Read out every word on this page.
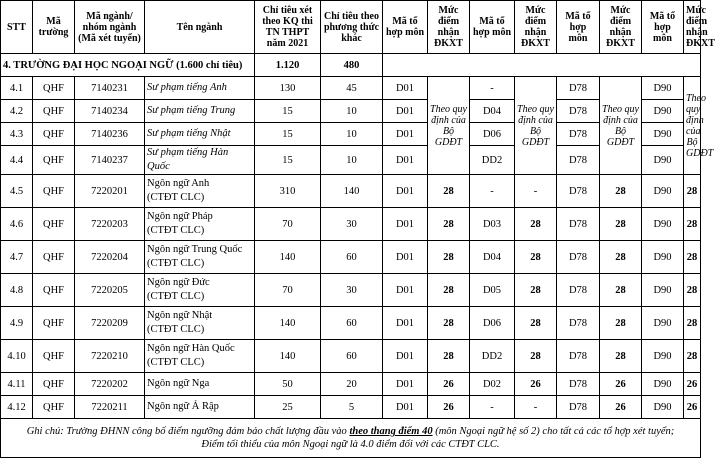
STT	Mã trường	Mã ngành/ nhóm ngành (Mã xét tuyển)	Tên ngành	Chỉ tiêu xét theo KQ thi TN THPT năm 2021	Chỉ tiêu theo phương thức khác	Mã tổ hợp môn	Mức điểm nhận ĐKXT	Mã tổ hợp môn	Mức điểm nhận ĐKXT	Mã tổ hợp môn	Mức điểm nhận ĐKXT	Mã tổ hợp môn	Mức điểm nhận ĐKXT
4. TRƯỜNG ĐẠI HỌC NGOẠI NGỮ (1.600 chỉ tiêu)				1.120	480								
4.1	QHF	7140231	Sư phạm tiếng Anh	130	45	D01	Theo quy định của Bộ GDĐT	-	Theo quy định của Bộ GDĐT	D78	Theo quy định của Bộ GDĐT	D90	Theo quy định của Bộ GDĐT
4.2	QHF	7140234	Sư phạm tiếng Trung	15	10	D01		D04		D78		D90	
4.3	QHF	7140236	Sư phạm tiếng Nhật	15	10	D01		D06		D78		D90	
4.4	QHF	7140237	Sư phạm tiếng Hàn Quốc	15	10	D01		DD2		D78		D90	
4.5	QHF	7220201	Ngôn ngữ Anh
(CTĐT CLC)	310	140	D01	28	-	-	D78	28	D90	28
4.6	QHF	7220203	Ngôn ngữ Pháp
(CTĐT CLC)	70	30	D01	28	D03	28	D78	28	D90	28
4.7	QHF	7220204	Ngôn ngữ Trung Quốc
(CTĐT CLC)	140	60	D01	28	D04	28	D78	28	D90	28
4.8	QHF	7220205	Ngôn ngữ Đức
(CTĐT CLC)	70	30	D01	28	D05	28	D78	28	D90	28
4.9	QHF	7220209	Ngôn ngữ Nhật
(CTĐT CLC)	140	60	D01	28	D06	28	D78	28	D90	28
4.10	QHF	7220210	Ngôn ngữ Hàn Quốc
(CTĐT CLC)	140	60	D01	28	DD2	28	D78	28	D90	28
4.11	QHF	7220202	Ngôn ngữ Nga	50	20	D01	26	D02	26	D78	26	D90	26
4.12	QHF	7220211	Ngôn ngữ Ả Rập	25	5	D01	26	-	-	D78	26	D90	26

Ghi chú: Trường ĐHNN công bố điểm ngưỡng đảm bảo chất lượng đầu vào theo thang điểm 40 (môn Ngoại ngữ hệ số 2) cho tất cả các tổ hợp xét tuyển;
Điểm tối thiểu của môn Ngoại ngữ là 4.0 điểm đối với các CTĐT CLC.													
